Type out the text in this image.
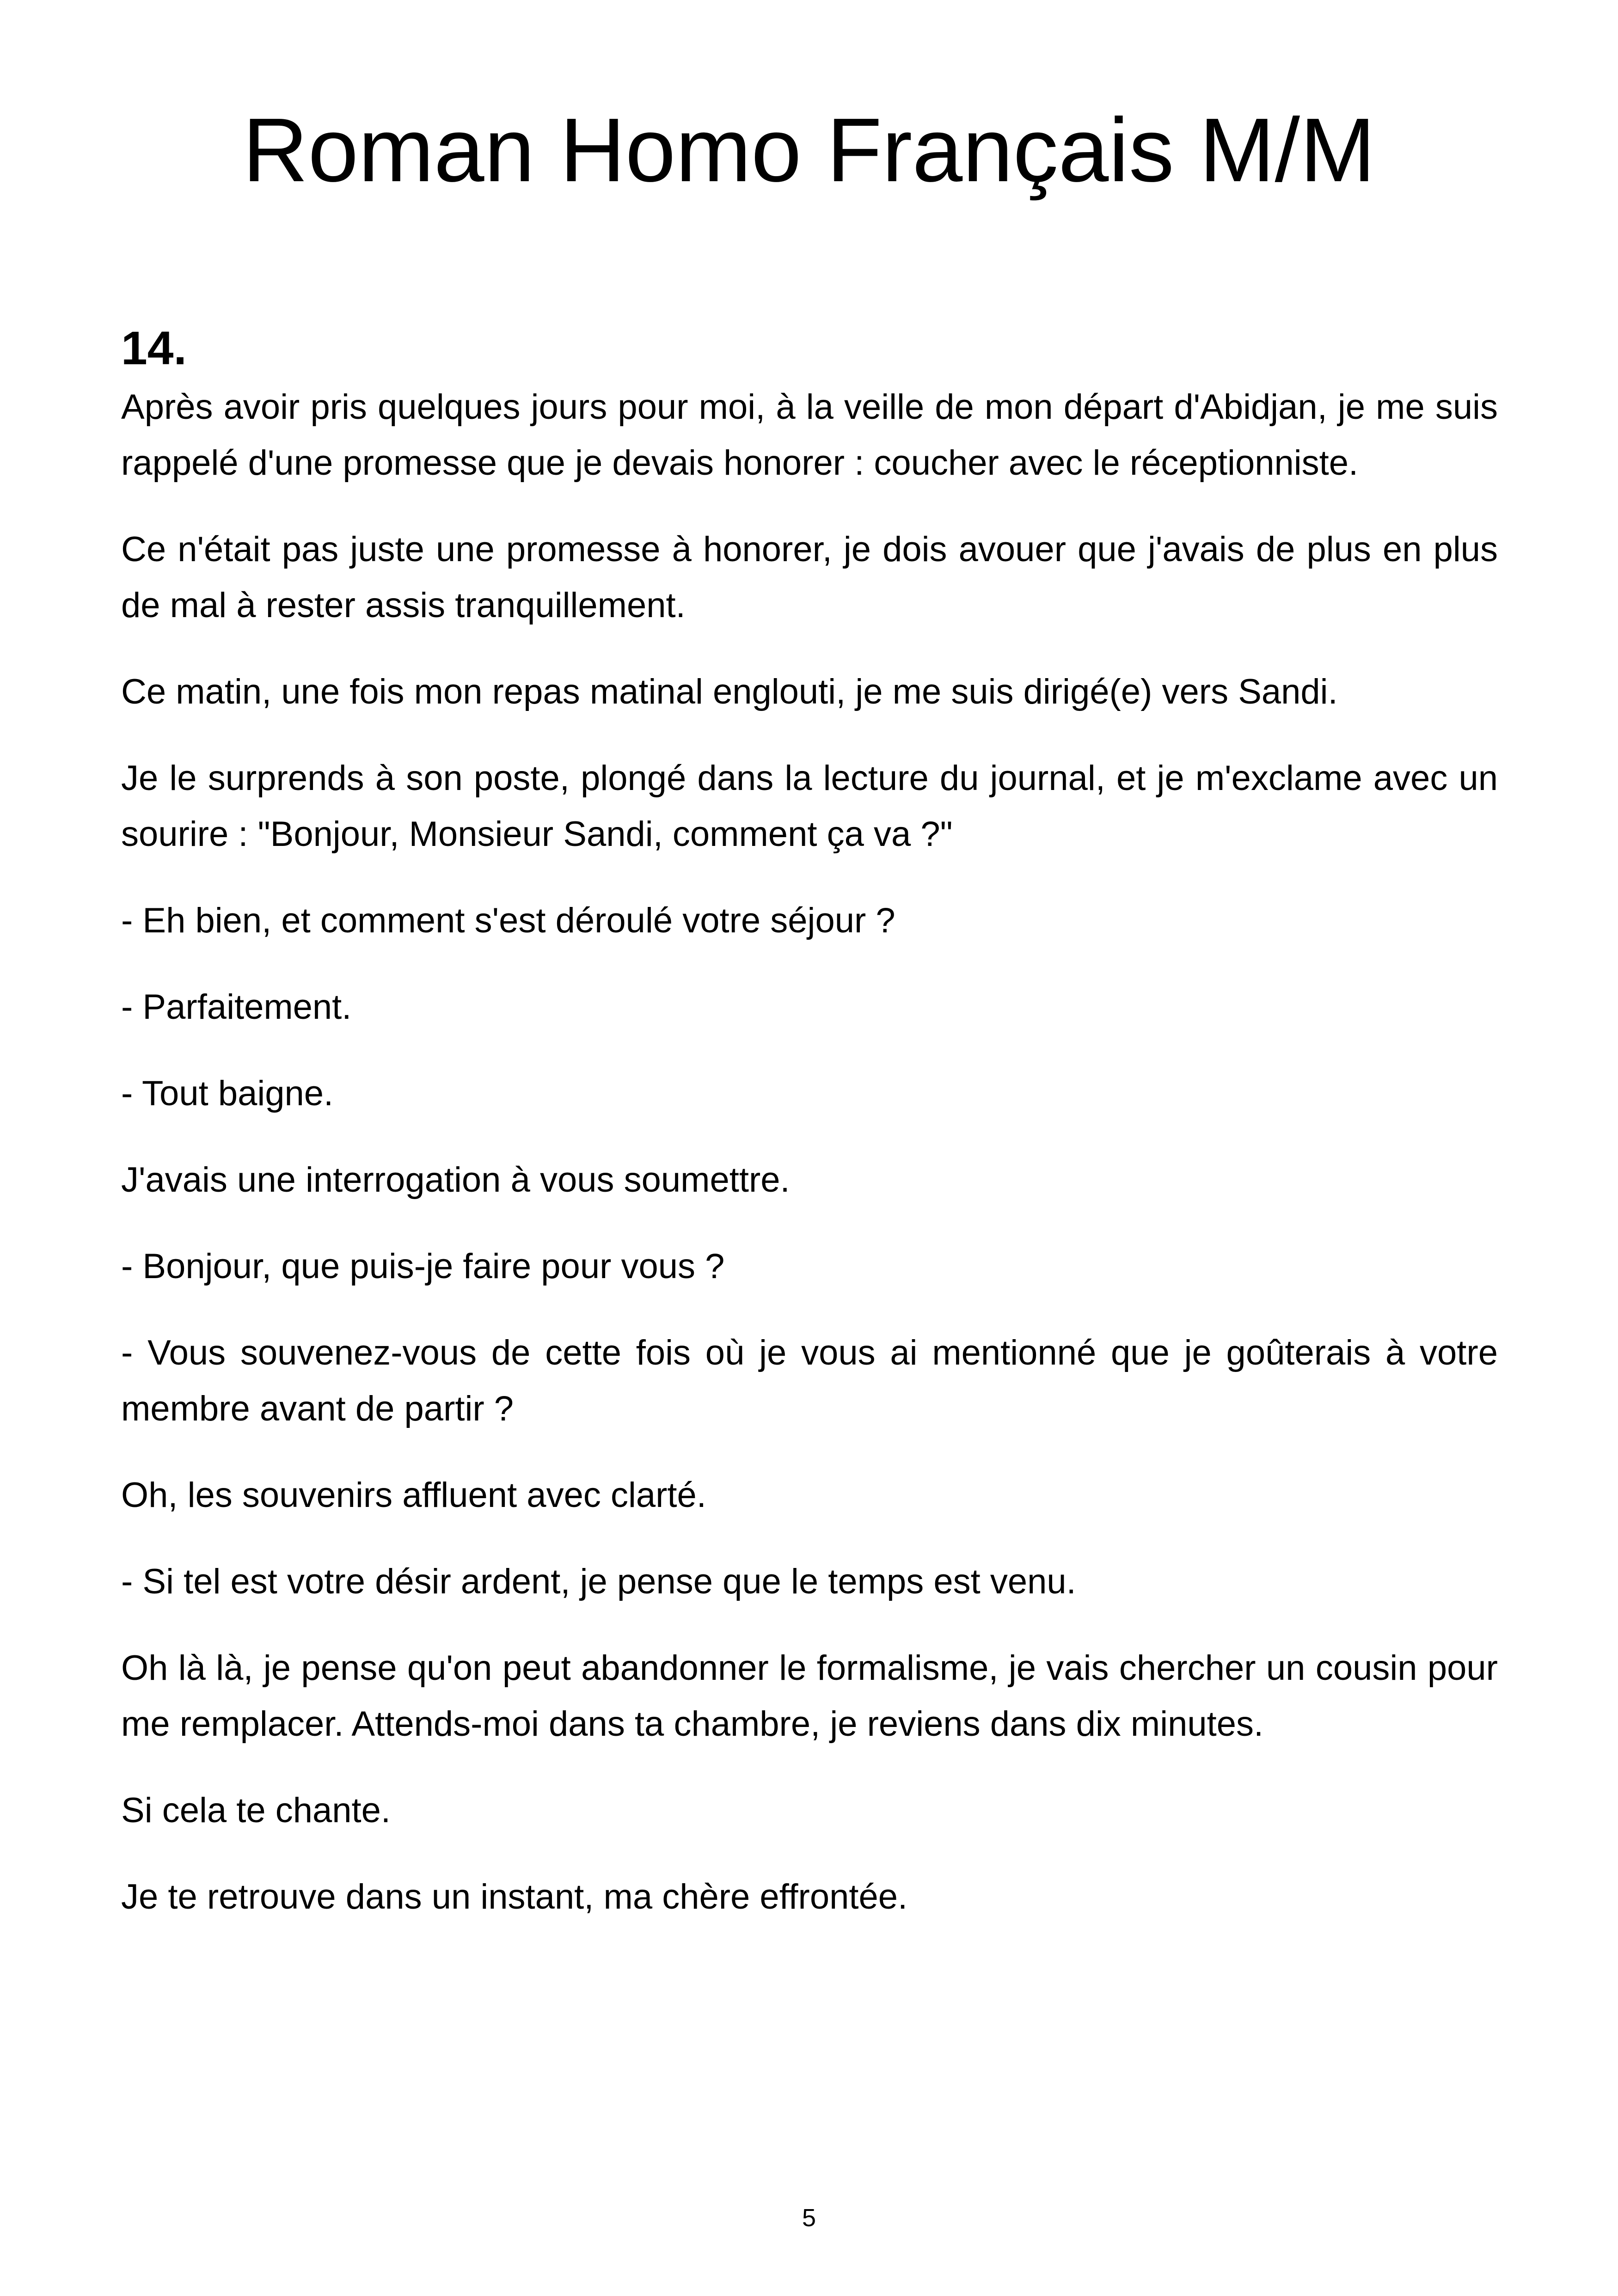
Roman Homo Français M/M
14.

Après avoir pris quelques jours pour moi, à la veille de mon départ d'Abidjan, je me suis rappelé d'une promesse que je devais honorer : coucher avec le réceptionniste.

Ce n'était pas juste une promesse à honorer, je dois avouer que j'avais de plus en plus de mal à rester assis tranquillement.

Ce matin, une fois mon repas matinal englouti, je me suis dirigé(e) vers Sandi.

Je le surprends à son poste, plongé dans la lecture du journal, et je m'exclame avec un sourire : "Bonjour, Monsieur Sandi, comment ça va ?"

- Eh bien, et comment s'est déroulé votre séjour ?

- Parfaitement.

- Tout baigne.

J'avais une interrogation à vous soumettre.

- Bonjour, que puis-je faire pour vous ?

- Vous souvenez-vous de cette fois où je vous ai mentionné que je goûterais à votre membre avant de partir ?

Oh, les souvenirs affluent avec clarté.

- Si tel est votre désir ardent, je pense que le temps est venu.

Oh là là, je pense qu'on peut abandonner le formalisme, je vais chercher un cousin pour me remplacer. Attends-moi dans ta chambre, je reviens dans dix minutes.

Si cela te chante.

Je te retrouve dans un instant, ma chère effrontée.

5
